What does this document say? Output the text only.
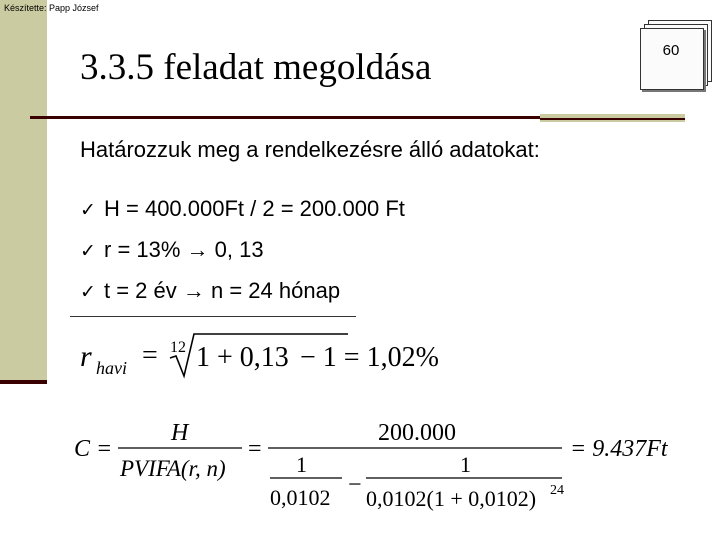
Készítette: Papp József
60
3.3.5 feladat megoldása
Határozzuk meg a rendelkezésre álló adatokat:
✓ H = 400.000Ft / 2 = 200.000 Ft
✓ r = 13% → 0, 13
✓ t = 2 év → n = 24 hónap
r havi = 12 1 + 0,13 − 1 = 1,02%
C =
H
PVIFA(r, n)
=
200.000
1
0,0102 −
1
0,0102(1 + 0,0102) 24
= 9.437Ft
